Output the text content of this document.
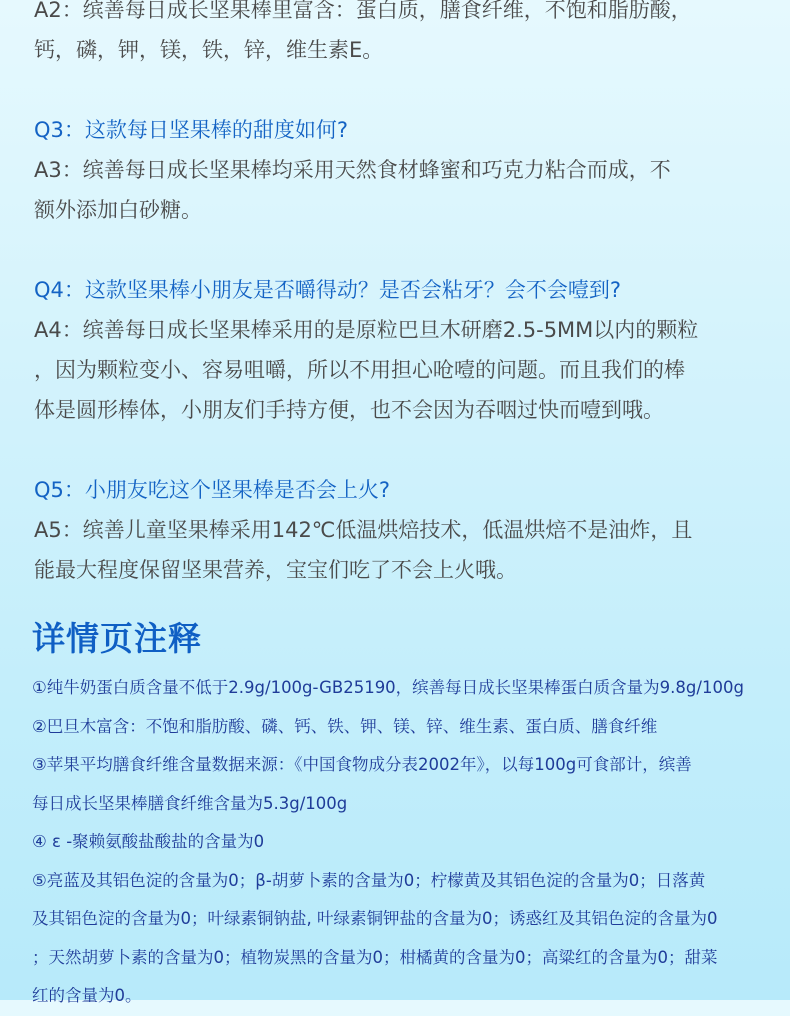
A2：缤善每日成长坚果棒里富含：蛋白质，膳食纤维，不饱和脂肪酸，
钙，磷，钾，镁，铁，锌，维生素E。
Q3：这款每日坚果棒的甜度如何?
A3：缤善每日成长坚果棒均采用天然食材蜂蜜和巧克力粘合而成，不
额外添加白砂糖。
Q4：这款坚果棒小朋友是否嚼得动？是否会粘牙？会不会噎到?
A4：缤善每日成长坚果棒采用的是原粒巴旦木研磨2.5-5MM以内的颗粒
，因为颗粒变小、容易咀嚼，所以不用担心呛噎的问题。而且我们的棒
体是圆形棒体，小朋友们手持方便，也不会因为吞咽过快而噎到哦。
Q5：小朋友吃这个坚果棒是否会上火?
A5：缤善儿童坚果棒采用142℃低温烘焙技术，低温烘焙不是油炸，且
能最大程度保留坚果营养，宝宝们吃了不会上火哦。
详情页注释
①纯牛奶蛋白质含量不低于2.9g/100g-GB25190，缤善每日成长坚果棒蛋白质含量为9.8g/100g
②巴旦木富含：不饱和脂肪酸、磷、钙、铁、钾、镁、锌、维生素、蛋白质、膳食纤维
③苹果平均膳食纤维含量数据来源：《中国食物成分表2002年》，以每100g可食部计，缤善
每日成长坚果棒膳食纤维含量为5.3g/100g
④ ε -聚赖氨酸盐酸盐的含量为0
⑤亮蓝及其铝色淀的含量为0；β-胡萝卜素的含量为0；柠檬黄及其铝色淀的含量为0；日落黄
及其铝色淀的含量为0；叶绿素铜钠盐, 叶绿素铜钾盐的含量为0；诱惑红及其铝色淀的含量为0
；天然胡萝卜素的含量为0；植物炭黑的含量为0；柑橘黄的含量为0；高粱红的含量为0；甜菜
红的含量为0。
